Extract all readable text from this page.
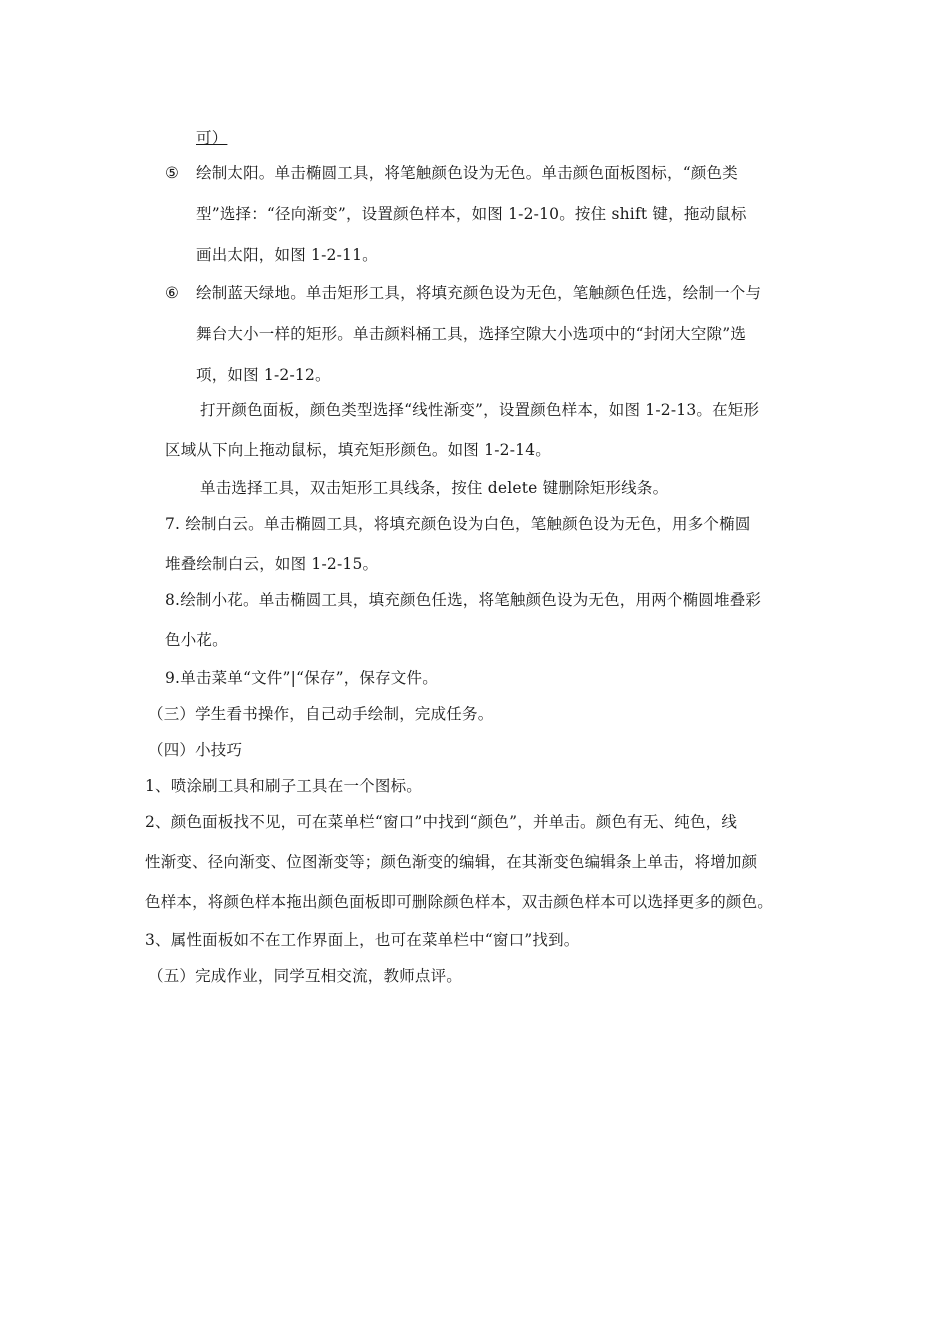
可）
⑤ 绘制太阳。单击椭圆工具，将笔触颜色设为无色。单击颜色面板图标，“颜色类
型”选择：“径向渐变”，设置颜色样本，如图 1-2-10。按住 shift 键，拖动鼠标
画出太阳，如图 1-2-11。
⑥ 绘制蓝天绿地。单击矩形工具，将填充颜色设为无色，笔触颜色任选，绘制一个与
舞台大小一样的矩形。单击颜料桶工具，选择空隙大小选项中的“封闭大空隙”选
项，如图 1-2-12。
打开颜色面板，颜色类型选择“线性渐变”，设置颜色样本，如图 1-2-13。在矩形
区域从下向上拖动鼠标，填充矩形颜色。如图 1-2-14。
单击选择工具，双击矩形工具线条，按住 delete 键删除矩形线条。
7. 绘制白云。单击椭圆工具，将填充颜色设为白色，笔触颜色设为无色，用多个椭圆
堆叠绘制白云，如图 1-2-15。
8.绘制小花。单击椭圆工具，填充颜色任选，将笔触颜色设为无色，用两个椭圆堆叠彩
色小花。
9.单击菜单“文件”|“保存”，保存文件。
（三）学生看书操作，自己动手绘制，完成任务。
（四）小技巧
1、喷涂刷工具和刷子工具在一个图标。
2、颜色面板找不见，可在菜单栏“窗口”中找到“颜色”，并单击。颜色有无、纯色，线
性渐变、径向渐变、位图渐变等；颜色渐变的编辑，在其渐变色编辑条上单击，将增加颜
色样本，将颜色样本拖出颜色面板即可删除颜色样本，双击颜色样本可以选择更多的颜色。
3、属性面板如不在工作界面上，也可在菜单栏中“窗口”找到。
（五）完成作业，同学互相交流，教师点评。
